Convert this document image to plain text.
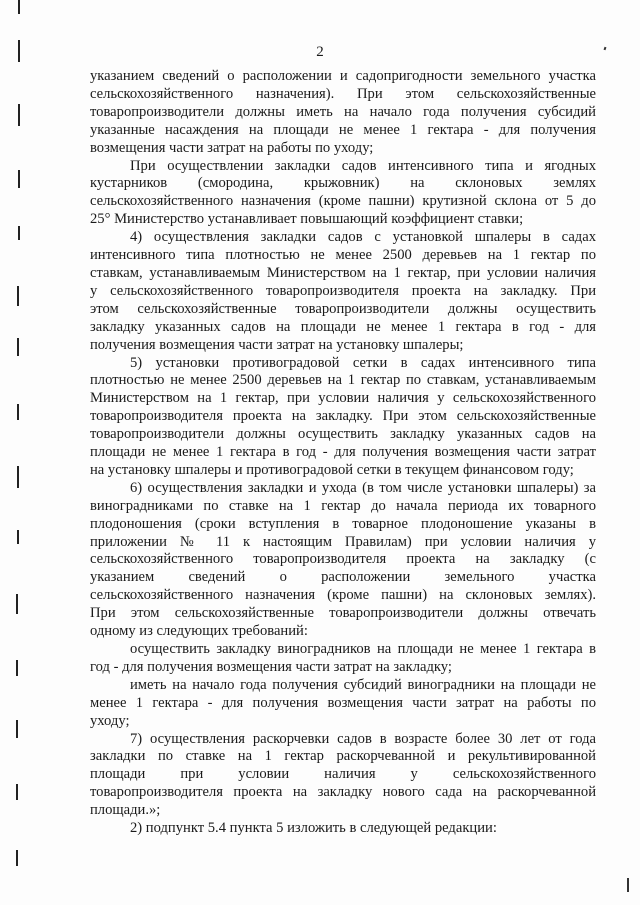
2
указанием сведений о расположении и садопригодности земельного участка
сельскохозяйственного назначения). При этом сельскохозяйственные
товаропроизводители должны иметь на начало года получения субсидий
указанные насаждения на площади не менее 1 гектара - для получения
возмещения части затрат на работы по уходу;
При осуществлении закладки садов интенсивного типа и ягодных
кустарников (смородина, крыжовник) на склоновых землях
сельскохозяйственного назначения (кроме пашни) крутизной склона от 5 до
25° Министерство устанавливает повышающий коэффициент ставки;
4) осуществления закладки садов с установкой шпалеры в садах
интенсивного типа плотностью не менее 2500 деревьев на 1 гектар по
ставкам, устанавливаемым Министерством на 1 гектар, при условии наличия
у сельскохозяйственного товаропроизводителя проекта на закладку. При
этом сельскохозяйственные товаропроизводители должны осуществить
закладку указанных садов на площади не менее 1 гектара в год - для
получения возмещения части затрат на установку шпалеры;
5) установки противоградовой сетки в садах интенсивного типа
плотностью не менее 2500 деревьев на 1 гектар по ставкам, устанавливаемым
Министерством на 1 гектар, при условии наличия у сельскохозяйственного
товаропроизводителя проекта на закладку. При этом сельскохозяйственные
товаропроизводители должны осуществить закладку указанных садов на
площади не менее 1 гектара в год - для получения возмещения части затрат
на установку шпалеры и противоградовой сетки в текущем финансовом году;
6) осуществления закладки и ухода (в том числе установки шпалеры) за
виноградниками по ставке на 1 гектар до начала периода их товарного
плодоношения (сроки вступления в товарное плодоношение указаны в
приложении № 11 к настоящим Правилам) при условии наличия у
сельскохозяйственного товаропроизводителя проекта на закладку (с
указанием сведений о расположении земельного участка
сельскохозяйственного назначения (кроме пашни) на склоновых землях).
При этом сельскохозяйственные товаропроизводители должны отвечать
одному из следующих требований:
осуществить закладку виноградников на площади не менее 1 гектара в
год - для получения возмещения части затрат на закладку;
иметь на начало года получения субсидий виноградники на площади не
менее 1 гектара - для получения возмещения части затрат на работы по
уходу;
7) осуществления раскорчевки садов в возрасте более 30 лет от года
закладки по ставке на 1 гектар раскорчеванной и рекультивированной
площади при условии наличия у сельскохозяйственного
товаропроизводителя проекта на закладку нового сада на раскорчеванной
площади.»;
2) подпункт 5.4 пункта 5 изложить в следующей редакции:
